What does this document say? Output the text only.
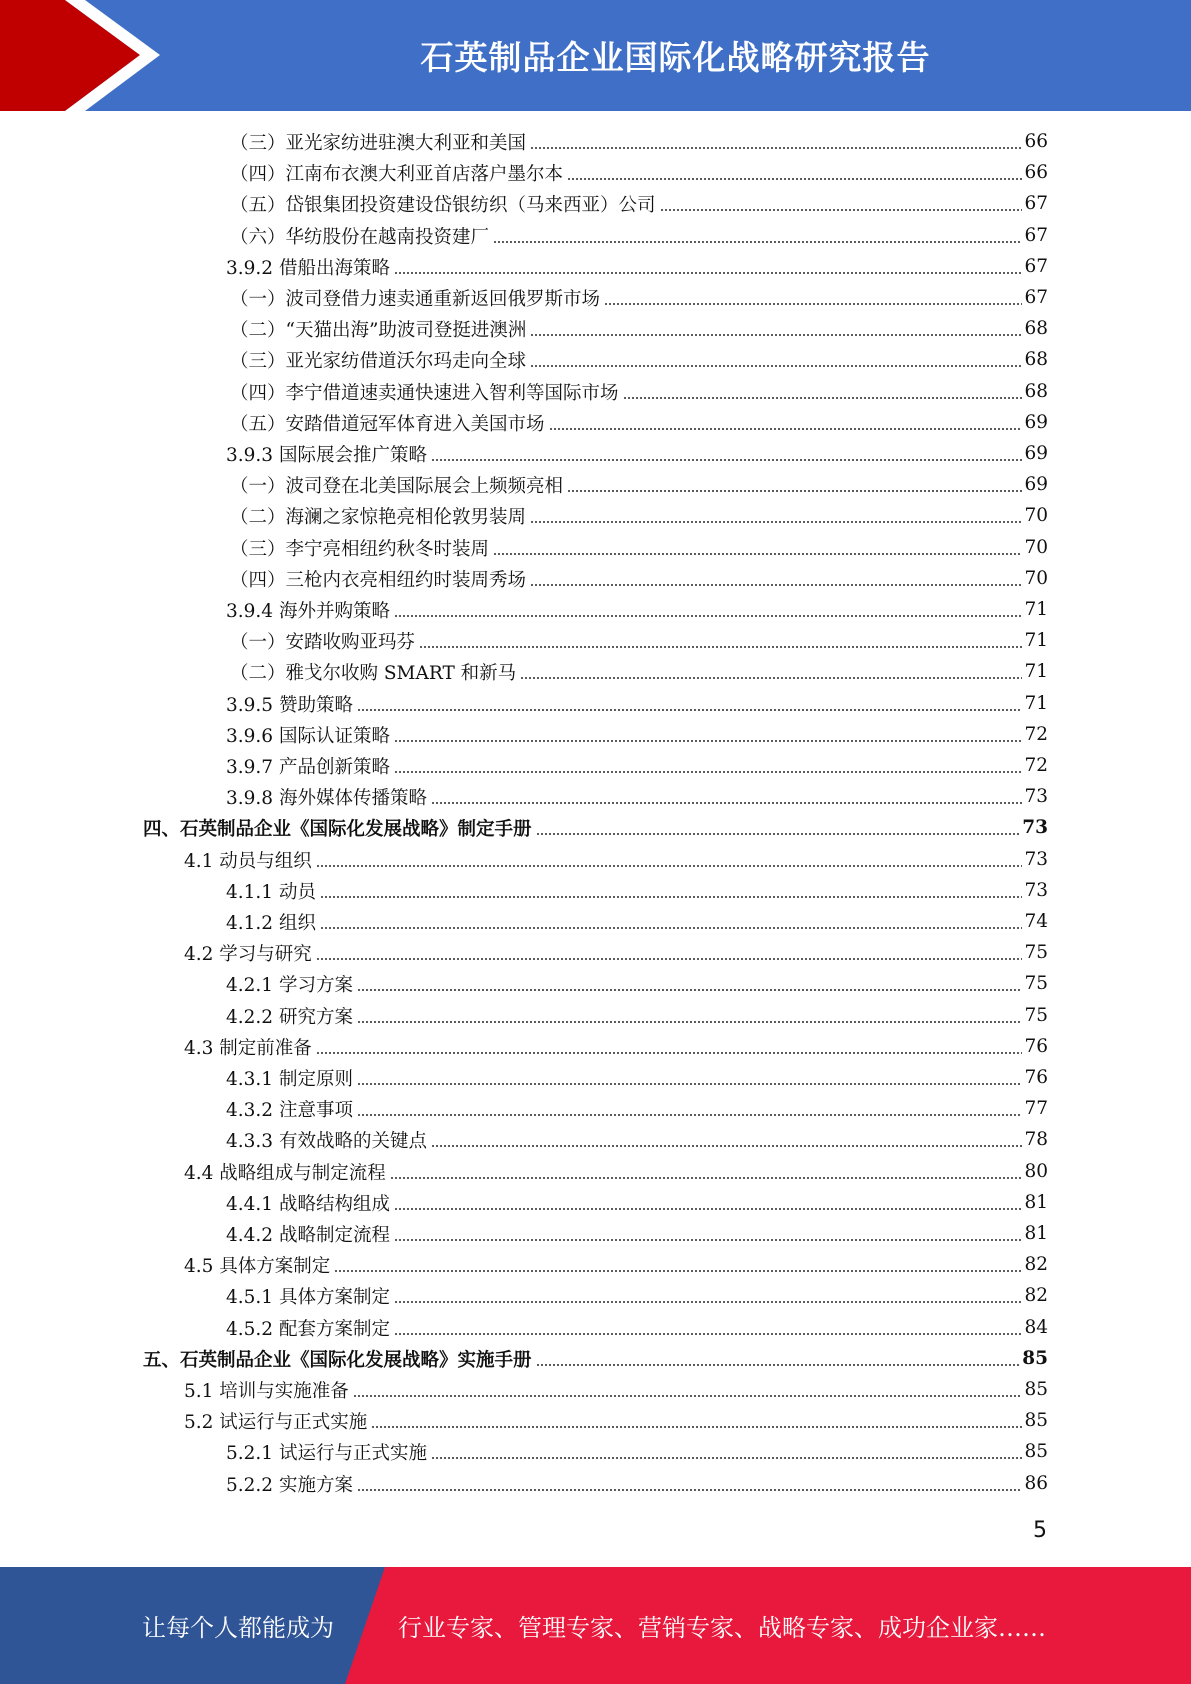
石英制品企业国际化战略研究报告
（三）亚光家纺进驻澳大利亚和美国	66
（四）江南布衣澳大利亚首店落户墨尔本	66
（五）岱银集团投资建设岱银纺织（马来西亚）公司	67
（六）华纺股份在越南投资建厂	67
3.9.2 借船出海策略	67
（一）波司登借力速卖通重新返回俄罗斯市场	67
（二）“天猫出海”助波司登挺进澳洲	68
（三）亚光家纺借道沃尔玛走向全球	68
（四）李宁借道速卖通快速进入智利等国际市场	68
（五）安踏借道冠军体育进入美国市场	69
3.9.3 国际展会推广策略	69
（一）波司登在北美国际展会上频频亮相	69
（二）海澜之家惊艳亮相伦敦男装周	70
（三）李宁亮相纽约秋冬时装周	70
（四）三枪内衣亮相纽约时装周秀场	70
3.9.4 海外并购策略	71
（一）安踏收购亚玛芬	71
（二）雅戈尔收购 SMART 和新马	71
3.9.5 赞助策略	71
3.9.6 国际认证策略	72
3.9.7 产品创新策略	72
3.9.8 海外媒体传播策略	73
四、石英制品企业《国际化发展战略》制定手册	73
4.1 动员与组织	73
4.1.1 动员	73
4.1.2 组织	74
4.2 学习与研究	75
4.2.1 学习方案	75
4.2.2 研究方案	75
4.3 制定前准备	76
4.3.1 制定原则	76
4.3.2 注意事项	77
4.3.3 有效战略的关键点	78
4.4 战略组成与制定流程	80
4.4.1 战略结构组成	81
4.4.2 战略制定流程	81
4.5 具体方案制定	82
4.5.1 具体方案制定	82
4.5.2 配套方案制定	84
五、石英制品企业《国际化发展战略》实施手册	85
5.1 培训与实施准备	85
5.2 试运行与正式实施	85
5.2.1 试运行与正式实施	85
5.2.2 实施方案	86
5
让每个人都能成为	行业专家、管理专家、营销专家、战略专家、成功企业家……
